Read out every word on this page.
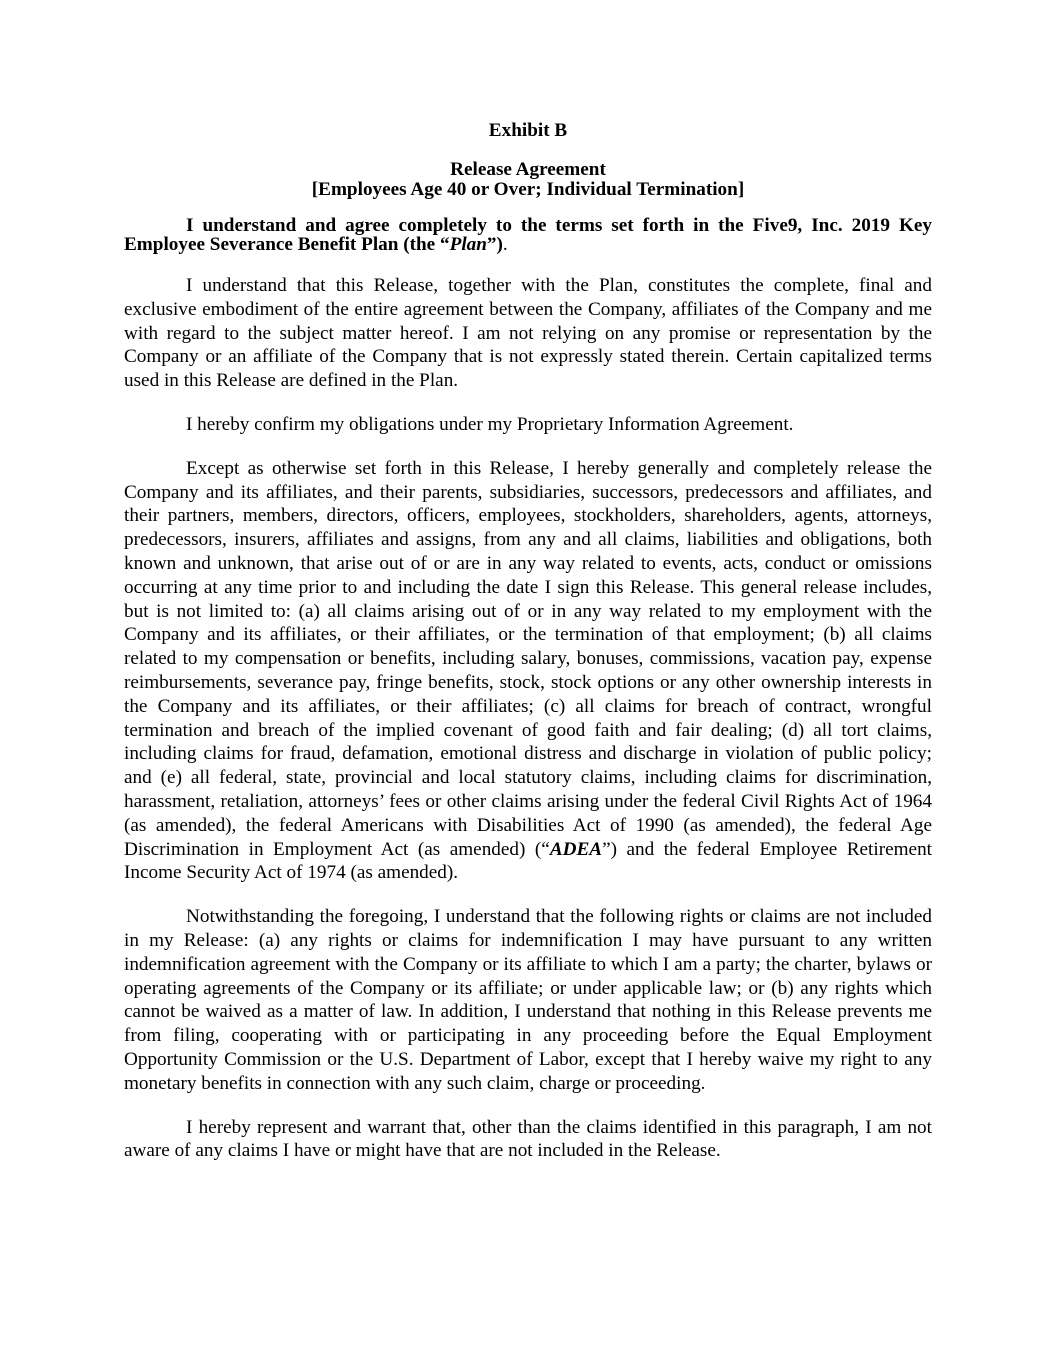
Exhibit B
Release Agreement
[Employees Age 40 or Over; Individual Termination]

I understand and agree completely to the terms set forth in the Five9, Inc. 2019 Key Employee Severance Benefit Plan (the “Plan”).

I understand that this Release, together with the Plan, constitutes the complete, final and exclusive embodiment of the entire agreement between the Company, affiliates of the Company and me with regard to the subject matter hereof. I am not relying on any promise or representation by the Company or an affiliate of the Company that is not expressly stated therein. Certain capitalized terms used in this Release are defined in the Plan.

I hereby confirm my obligations under my Proprietary Information Agreement.

Except as otherwise set forth in this Release, I hereby generally and completely release the Company and its affiliates, and their parents, subsidiaries, successors, predecessors and affiliates, and their partners, members, directors, officers, employees, stockholders, shareholders, agents, attorneys, predecessors, insurers, affiliates and assigns, from any and all claims, liabilities and obligations, both known and unknown, that arise out of or are in any way related to events, acts, conduct or omissions occurring at any time prior to and including the date I sign this Release. This general release includes, but is not limited to: (a) all claims arising out of or in any way related to my employment with the Company and its affiliates, or their affiliates, or the termination of that employment; (b) all claims related to my compensation or benefits, including salary, bonuses, commissions, vacation pay, expense reimbursements, severance pay, fringe benefits, stock, stock options or any other ownership interests in the Company and its affiliates, or their affiliates; (c) all claims for breach of contract, wrongful termination and breach of the implied covenant of good faith and fair dealing; (d) all tort claims, including claims for fraud, defamation, emotional distress and discharge in violation of public policy; and (e) all federal, state, provincial and local statutory claims, including claims for discrimination, harassment, retaliation, attorneys’ fees or other claims arising under the federal Civil Rights Act of 1964 (as amended), the federal Americans with Disabilities Act of 1990 (as amended), the federal Age Discrimination in Employment Act (as amended) (“ADEA”) and the federal Employee Retirement Income Security Act of 1974 (as amended).

Notwithstanding the foregoing, I understand that the following rights or claims are not included in my Release: (a) any rights or claims for indemnification I may have pursuant to any written indemnification agreement with the Company or its affiliate to which I am a party; the charter, bylaws or operating agreements of the Company or its affiliate; or under applicable law; or (b) any rights which cannot be waived as a matter of law. In addition, I understand that nothing in this Release prevents me from filing, cooperating with or participating in any proceeding before the Equal Employment Opportunity Commission or the U.S. Department of Labor, except that I hereby waive my right to any monetary benefits in connection with any such claim, charge or proceeding.

I hereby represent and warrant that, other than the claims identified in this paragraph, I am not aware of any claims I have or might have that are not included in the Release.
